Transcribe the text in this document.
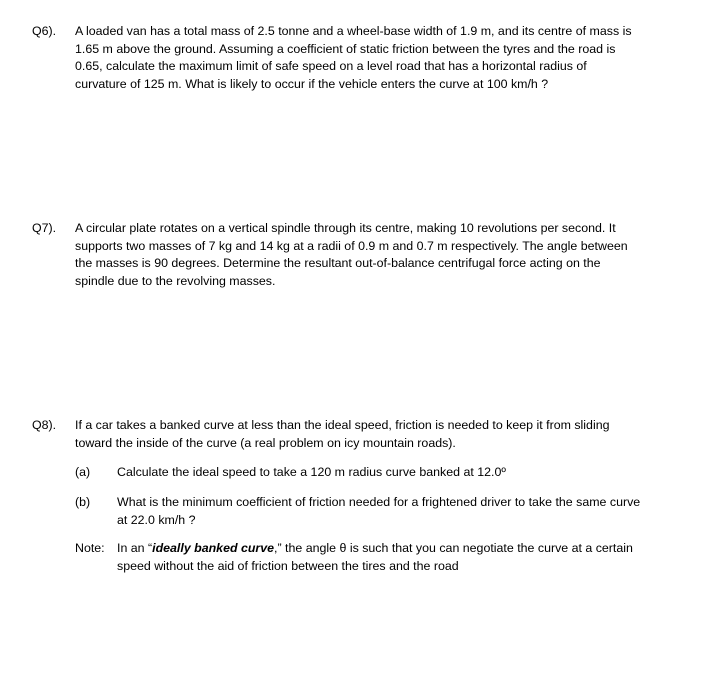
Q6). A loaded van has a total mass of 2.5 tonne and a wheel-base width of 1.9 m, and its centre of mass is
1.65 m above the ground. Assuming a coefficient of static friction between the tyres and the road is
0.65, calculate the maximum limit of safe speed on a level road that has a horizontal radius of
curvature of 125 m. What is likely to occur if the vehicle enters the curve at 100 km/h ?
Q7). A circular plate rotates on a vertical spindle through its centre, making 10 revolutions per second. It
supports two masses of 7 kg and 14 kg at a radii of 0.9 m and 0.7 m respectively. The angle between
the masses is 90 degrees. Determine the resultant out-of-balance centrifugal force acting on the
spindle due to the revolving masses.
Q8). If a car takes a banked curve at less than the ideal speed, friction is needed to keep it from sliding
toward the inside of the curve (a real problem on icy mountain roads).
(a) Calculate the ideal speed to take a 120 m radius curve banked at 12.0º
(b) What is the minimum coefficient of friction needed for a frightened driver to take the same curve
at 22.0 km/h ?
Note: In an “ideally banked curve,” the angle θ is such that you can negotiate the curve at a certain
speed without the aid of friction between the tires and the road
